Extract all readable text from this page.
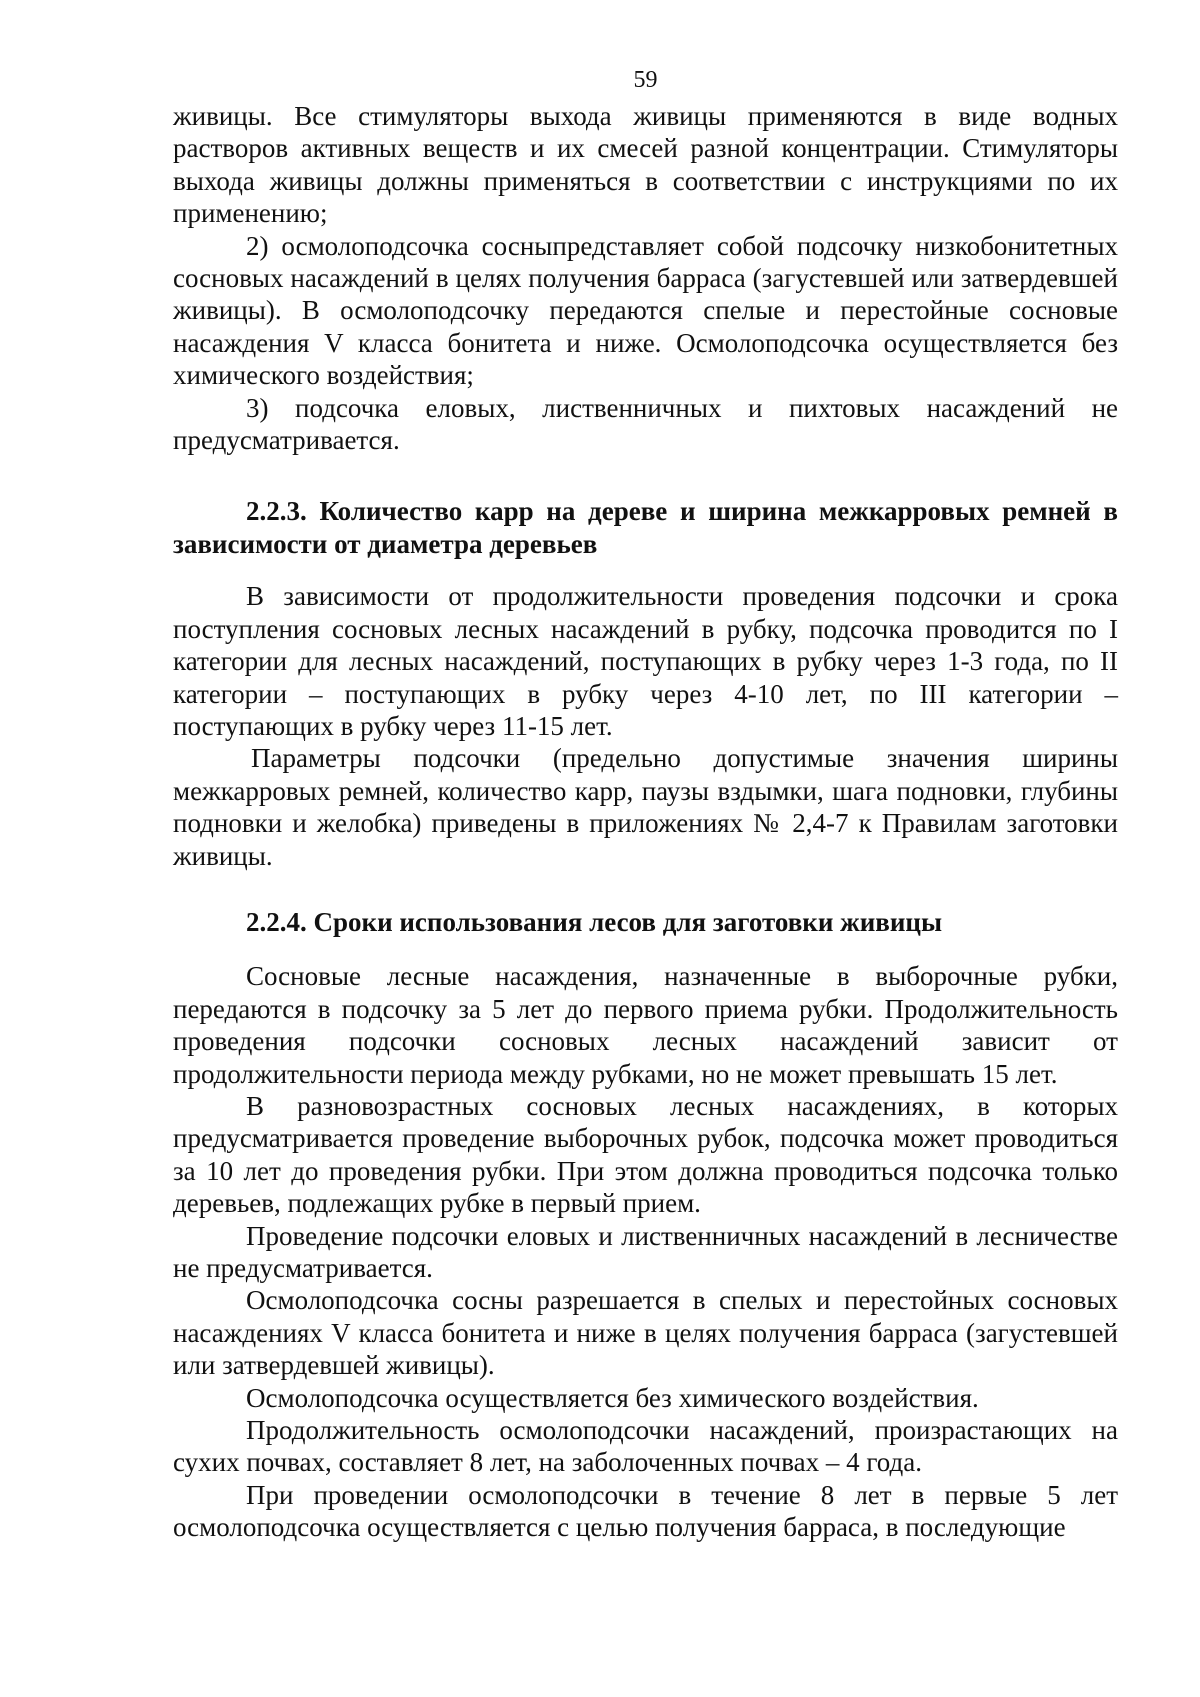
59

живицы. Все стимуляторы выхода живицы применяются в виде водных растворов активных веществ и их смесей разной концентрации. Стимуляторы выхода живицы должны применяться в соответствии с инструкциями по их применению;

2) осмолоподсочка сосныпредставляет собой подсочку низкобонитетных сосновых насаждений в целях получения барраса (загустевшей или затвердевшей живицы). В осмолоподсочку передаются спелые и перестойные сосновые насаждения V класса бонитета и ниже. Осмолоподсочка осуществляется без химического воздействия;

3) подсочка еловых, лиственничных и пихтовых насаждений не предусматривается.

2.2.3. Количество карр на дереве и ширина межкарровых ремней в зависимости от диаметра деревьев

В зависимости от продолжительности проведения подсочки и срока поступления сосновых лесных насаждений в рубку, подсочка проводится по I категории для лесных насаждений, поступающих в рубку через 1-3 года, по II категории – поступающих в рубку через 4-10 лет, по III категории – поступающих в рубку через 11-15 лет.

Параметры подсочки (предельно допустимые значения ширины межкарровых ремней, количество карр, паузы вздымки, шага подновки, глубины подновки и желобка) приведены в приложениях № 2,4-7 к Правилам заготовки живицы.

2.2.4. Сроки использования лесов для заготовки живицы

Сосновые лесные насаждения, назначенные в выборочные рубки, передаются в подсочку за 5 лет до первого приема рубки. Продолжительность проведения подсочки сосновых лесных насаждений зависит от продолжительности периода между рубками, но не может превышать 15 лет.

В разновозрастных сосновых лесных насаждениях, в которых предусматривается проведение выборочных рубок, подсочка может проводиться за 10 лет до проведения рубки. При этом должна проводиться подсочка только деревьев, подлежащих рубке в первый прием.

Проведение подсочки еловых и лиственничных насаждений в лесничестве не предусматривается.

Осмолоподсочка сосны разрешается в спелых и перестойных сосновых насаждениях V класса бонитета и ниже в целях получения барраса (загустевшей или затвердевшей живицы).

Осмолоподсочка осуществляется без химического воздействия.

Продолжительность осмолоподсочки насаждений, произрастающих на сухих почвах, составляет 8 лет, на заболоченных почвах – 4 года.

При проведении осмолоподсочки в течение 8 лет в первые 5 лет осмолоподсочка осуществляется с целью получения барраса, в последующие
